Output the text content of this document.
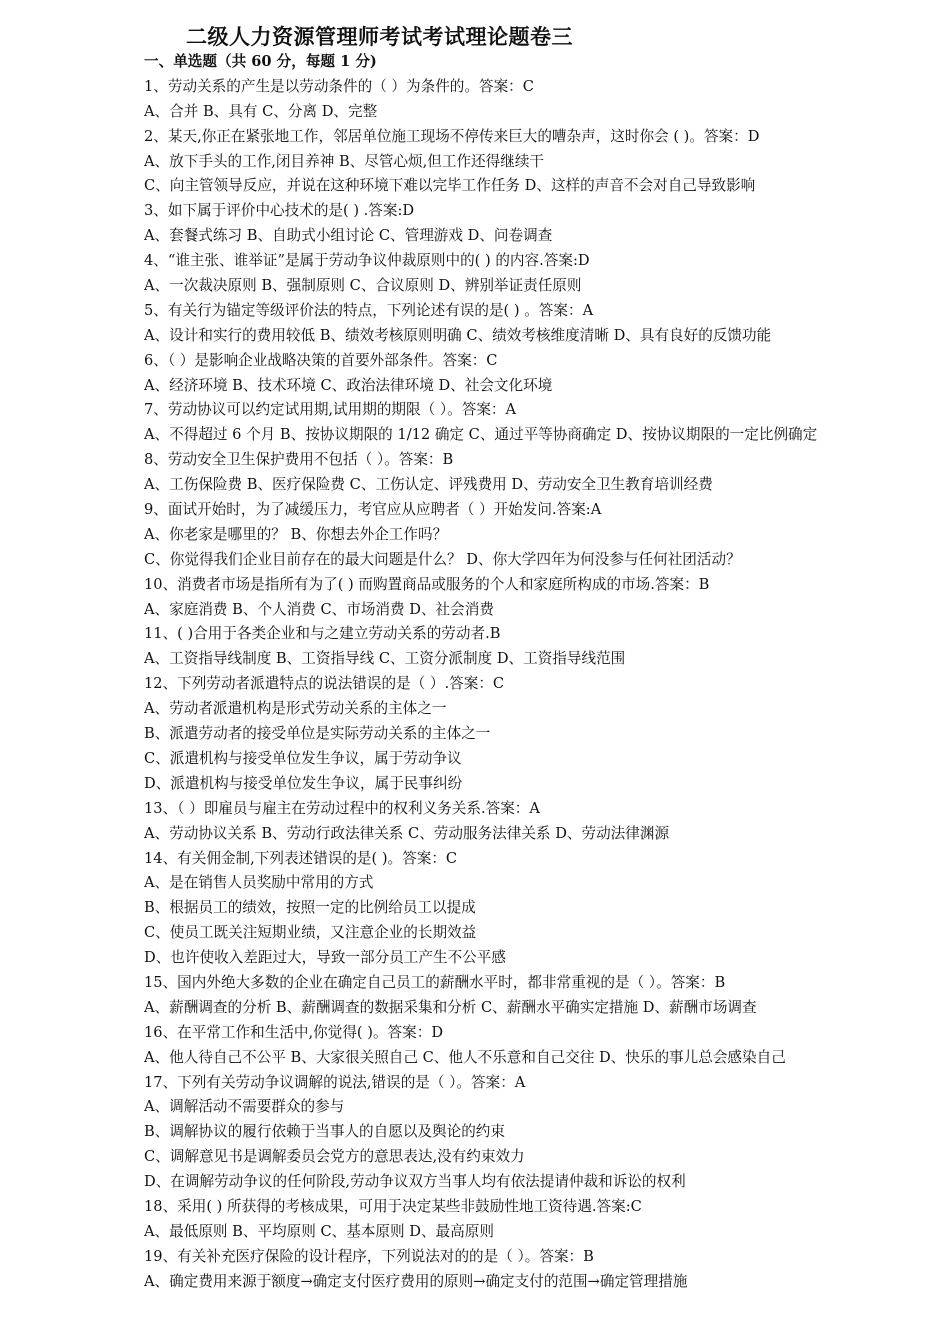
二级人力资源管理师考试考试理论题卷三
一、单选题（共 60 分，每题 1 分)
1、劳动关系的产生是以劳动条件的（ ）为条件的。答案：C
A、合并 B、具有 C、分离 D、完整
2、某天,你正在紧张地工作，邻居单位施工现场不停传来巨大的嘈杂声，这时你会 ( )。答案：D
A、放下手头的工作,闭目养神 B、尽管心烦,但工作还得继续干
C、向主管领导反应，并说在这种环境下难以完毕工作任务 D、这样的声音不会对自己导致影响
3、如下属于评价中心技术的是( ) .答案:D
A、套餐式练习 B、自助式小组讨论 C、管理游戏 D、问卷调查
4、“谁主张、谁举证”是属于劳动争议仲裁原则中的( ) 的内容.答案:D
A、一次裁决原则 B、强制原则 C、合议原则 D、辨别举证责任原则
5、有关行为锚定等级评价法的特点，下列论述有误的是( ) 。答案：A
A、设计和实行的费用较低 B、绩效考核原则明确 C、绩效考核维度清晰 D、具有良好的反馈功能
6、（ ）是影响企业战略决策的首要外部条件。答案：C
A、经济环境 B、技术环境 C、政治法律环境 D、社会文化环境
7、劳动协议可以约定试用期,试用期的期限（ ）。答案：A
A、不得超过 6 个月 B、按协议期限的 1/12 确定 C、通过平等协商确定 D、按协议期限的一定比例确定
8、劳动安全卫生保护费用不包括（ ）。答案：B
A、工伤保险费 B、医疗保险费 C、工伤认定、评残费用 D、劳动安全卫生教育培训经费
9、面试开始时，为了减缓压力，考官应从应聘者（ ）开始发问.答案:A
A、你老家是哪里的？ B、你想去外企工作吗？
C、你觉得我们企业目前存在的最大问题是什么？ D、你大学四年为何没参与任何社团活动？
10、消费者市场是指所有为了( ) 而购置商品或服务的个人和家庭所构成的市场.答案：B
A、家庭消费 B、个人消费 C、市场消费 D、社会消费
11、( )合用于各类企业和与之建立劳动关系的劳动者.B
A、工资指导线制度 B、工资指导线 C、工资分派制度 D、工资指导线范围
12、下列劳动者派遣特点的说法错误的是（ ）.答案：C
A、劳动者派遣机构是形式劳动关系的主体之一
B、派遣劳动者的接受单位是实际劳动关系的主体之一
C、派遣机构与接受单位发生争议，属于劳动争议
D、派遣机构与接受单位发生争议，属于民事纠纷
13、（ ）即雇员与雇主在劳动过程中的权利义务关系.答案：A
A、劳动协议关系 B、劳动行政法律关系 C、劳动服务法律关系 D、劳动法律渊源
14、有关佣金制,下列表述错误的是( )。答案：C
A、是在销售人员奖励中常用的方式
B、根据员工的绩效，按照一定的比例给员工以提成
C、使员工既关注短期业绩，又注意企业的长期效益
D、也许使收入差距过大，导致一部分员工产生不公平感
15、国内外绝大多数的企业在确定自己员工的薪酬水平时，都非常重视的是（ ）。答案：B
A、薪酬调查的分析 B、薪酬调查的数据采集和分析 C、薪酬水平确实定措施 D、薪酬市场调查
16、在平常工作和生活中,你觉得( )。答案：D
A、他人待自己不公平 B、大家很关照自己 C、他人不乐意和自己交往 D、快乐的事儿总会感染自己
17、下列有关劳动争议调解的说法,错误的是（ ）。答案：A
A、调解活动不需要群众的参与
B、调解协议的履行依赖于当事人的自愿以及舆论的约束
C、调解意见书是调解委员会党方的意思表达,没有约束效力
D、在调解劳动争议的任何阶段,劳动争议双方当事人均有依法提请仲裁和诉讼的权利
18、采用( ) 所获得的考核成果，可用于决定某些非鼓励性地工资待遇.答案:C
A、最低原则 B、平均原则 C、基本原则 D、最高原则
19、有关补充医疗保险的设计程序，下列说法对的的是（ ）。答案：B
A、确定费用来源于额度→确定支付医疗费用的原则→确定支付的范围→确定管理措施
